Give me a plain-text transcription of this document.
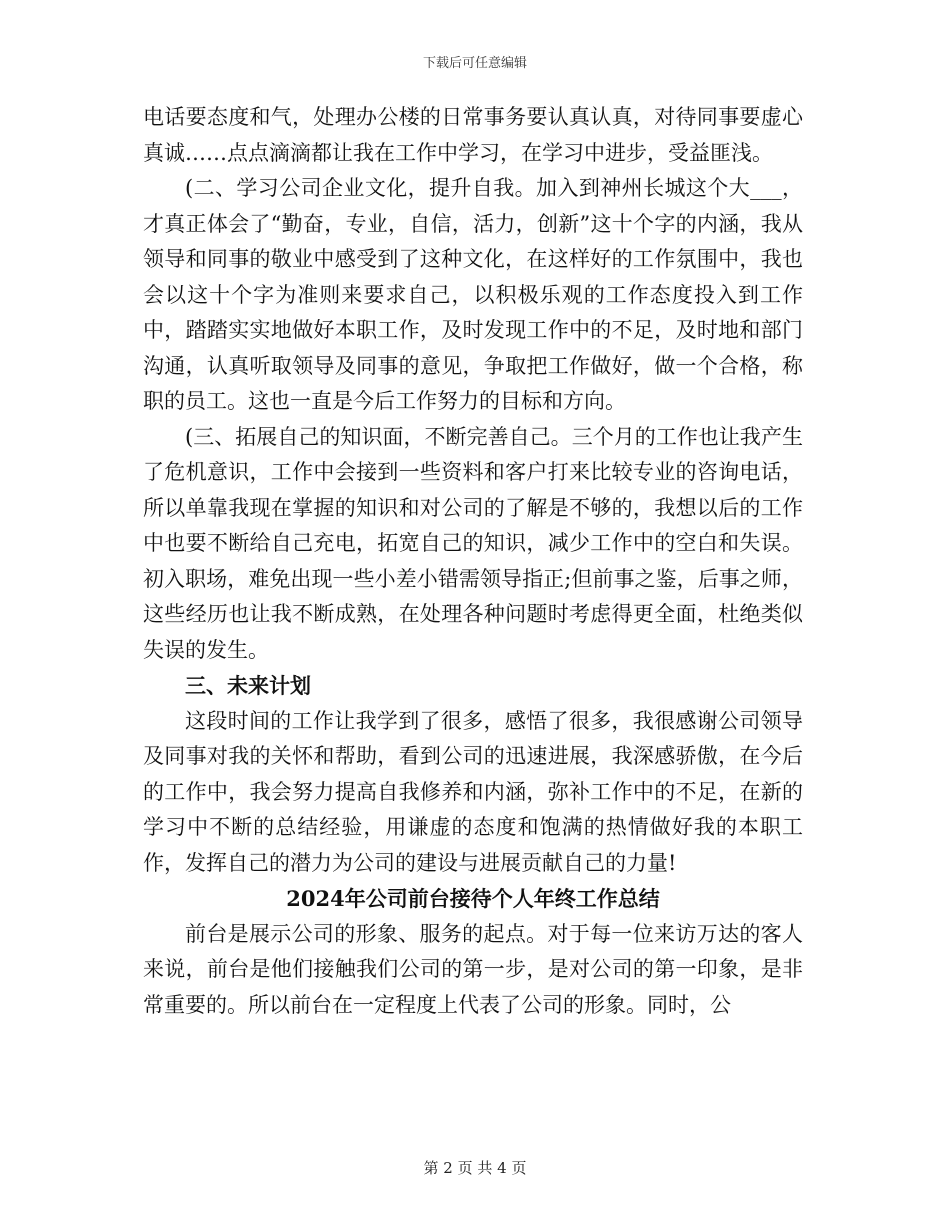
下载后可任意编辑

电话要态度和气，处理办公楼的日常事务要认真认真，对待同事要虚心真诚……点点滴滴都让我在工作中学习，在学习中进步，受益匪浅。

(二、学习公司企业文化，提升自我。加入到神州长城这个大___，才真正体会了“勤奋，专业，自信，活力，创新”这十个字的内涵，我从领导和同事的敬业中感受到了这种文化，在这样好的工作氛围中，我也会以这十个字为准则来要求自己，以积极乐观的工作态度投入到工作中，踏踏实实地做好本职工作，及时发现工作中的不足，及时地和部门沟通，认真听取领导及同事的意见，争取把工作做好，做一个合格，称职的员工。这也一直是今后工作努力的目标和方向。

(三、拓展自己的知识面，不断完善自己。三个月的工作也让我产生了危机意识，工作中会接到一些资料和客户打来比较专业的咨询电话，所以单靠我现在掌握的知识和对公司的了解是不够的，我想以后的工作中也要不断给自己充电，拓宽自己的知识，减少工作中的空白和失误。初入职场，难免出现一些小差小错需领导指正;但前事之鉴，后事之师，这些经历也让我不断成熟，在处理各种问题时考虑得更全面，杜绝类似失误的发生。

三、未来计划

这段时间的工作让我学到了很多，感悟了很多，我很感谢公司领导及同事对我的关怀和帮助，看到公司的迅速进展，我深感骄傲，在今后的工作中，我会努力提高自我修养和内涵，弥补工作中的不足，在新的学习中不断的总结经验，用谦虚的态度和饱满的热情做好我的本职工作，发挥自己的潜力为公司的建设与进展贡献自己的力量!

2024年公司前台接待个人年终工作总结

前台是展示公司的形象、服务的起点。对于每一位来访万达的客人来说，前台是他们接触我们公司的第一步，是对公司的第一印象，是非常重要的。所以前台在一定程度上代表了公司的形象。同时，公

第 2 页 共 4 页
